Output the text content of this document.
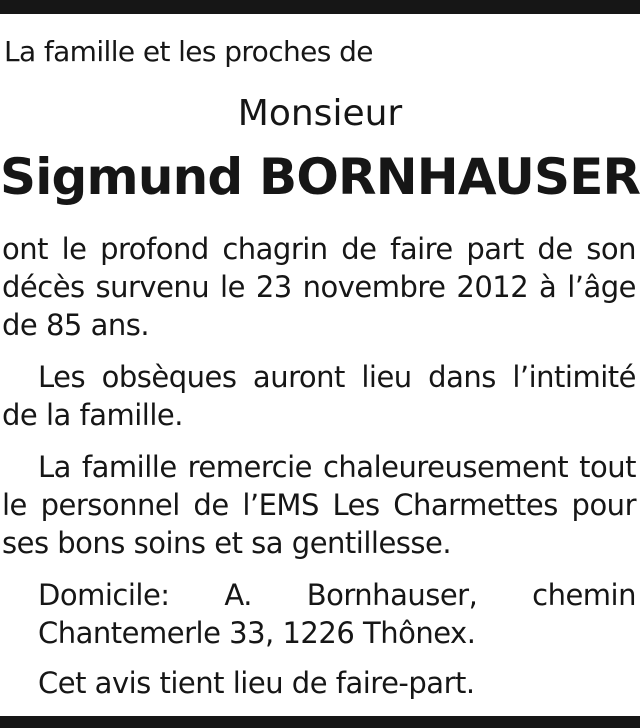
La famille et les proches de
Monsieur
Sigmund BORNHAUSER
ont le profond chagrin de faire part de son décès survenu le 23 novembre 2012 à l’âge de 85 ans.
Les obsèques auront lieu dans l’intimité de la famille.
La famille remercie chaleureusement tout le personnel de l’EMS Les Charmettes pour ses bons soins et sa gentillesse.
Domicile: A. Bornhauser, chemin Chantemerle 33, 1226 Thônex.
Cet avis tient lieu de faire-part.
